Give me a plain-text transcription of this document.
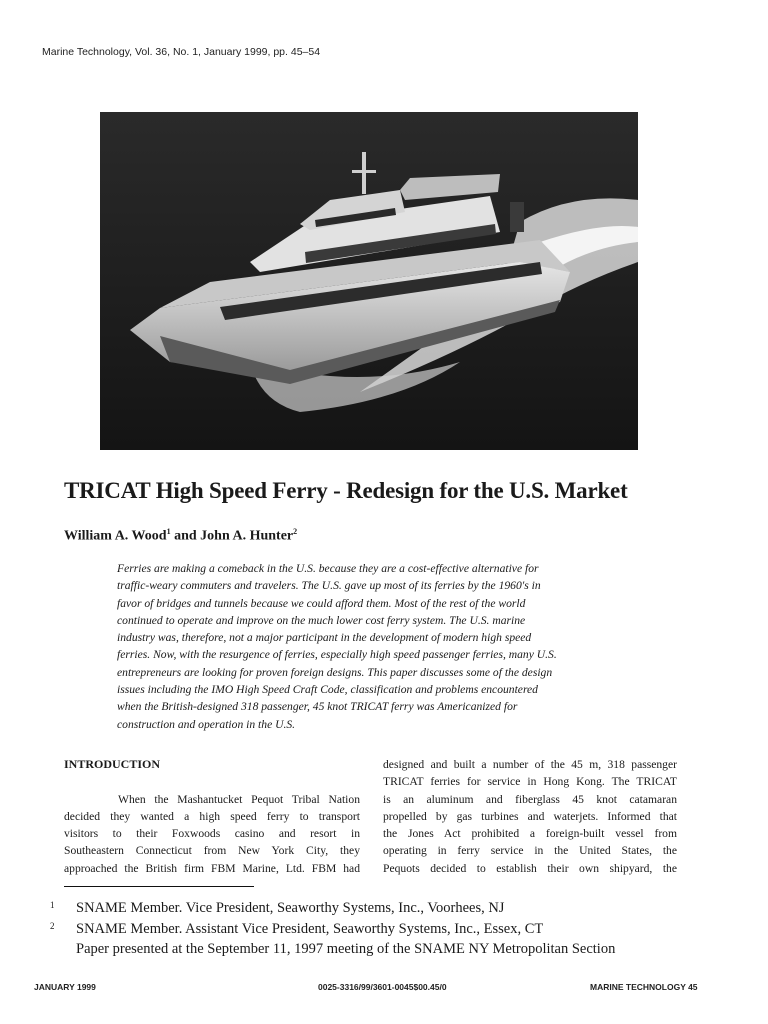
Marine Technology, Vol. 36, No. 1, January 1999, pp. 45–54
TRICAT High Speed Ferry - Redesign for the U.S. Market
William A. Wood$^1$ and John A. Hunter$^2$
Ferries are making a comeback in the U.S. because they are a cost-effective alternative for
traffic-weary commuters and travelers. The U.S. gave up most of its ferries by the 1960's in
favor of bridges and tunnels because we could afford them. Most of the rest of the world
continued to operate and improve on the much lower cost ferry system. The U.S. marine
industry was, therefore, not a major participant in the development of modern high speed
ferries. Now, with the resurgence of ferries, especially high speed passenger ferries, many U.S.
entrepreneurs are looking for proven foreign designs. This paper discusses some of the design
issues including the IMO High Speed Craft Code, classification and problems encountered
when the British-designed 318 passenger, 45 knot TRICAT ferry was Americanized for
construction and operation in the U.S.
INTRODUCTION
When the Mashantucket Pequot Tribal Nation
decided they wanted a high speed ferry to transport
visitors to their Foxwoods casino and resort in
Southeastern Connecticut from New York City, they
approached the British firm FBM Marine, Ltd. FBM had
designed and built a number of the 45 m, 318 passenger
TRICAT ferries for service in Hong Kong. The TRICAT
is an aluminum and fiberglass 45 knot catamaran
propelled by gas turbines and waterjets. Informed that
the Jones Act prohibited a foreign-built vessel from
operating in ferry service in the United States, the
Pequots decided to establish their own shipyard, the
1 SNAME Member. Vice President, Seaworthy Systems, Inc., Voorhees, NJ
2 SNAME Member. Assistant Vice President, Seaworthy Systems, Inc., Essex, CT
Paper presented at the September 11, 1997 meeting of the SNAME NY Metropolitan Section
JANUARY 1999	0025-3316/99/3601-0045$00.45/0	MARINE TECHNOLOGY 45
